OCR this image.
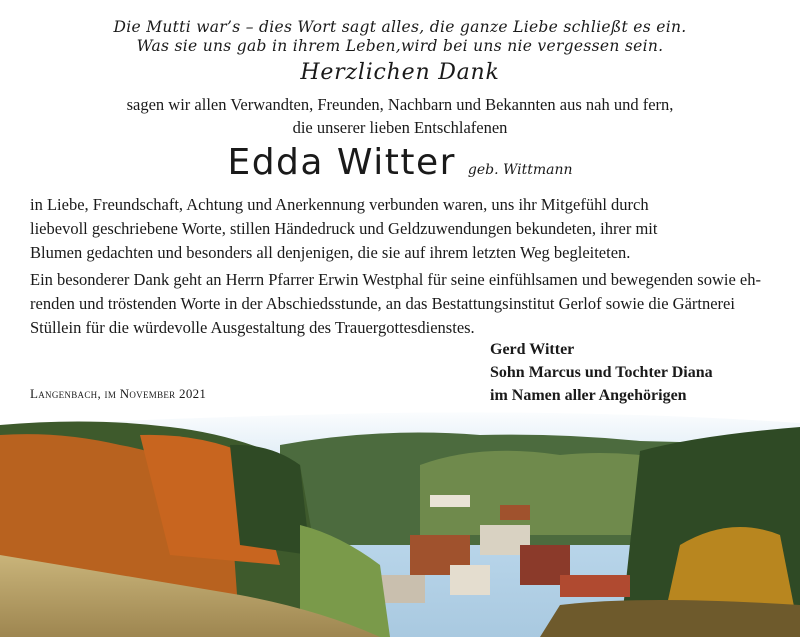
Die Mutti war’s – dies Wort sagt alles, die ganze Liebe schließt es ein.
Was sie uns gab in ihrem Leben,wird bei uns nie vergessen sein.
Herzlichen Dank
sagen wir allen Verwandten, Freunden, Nachbarn und Bekannten aus nah und fern,
die unserer lieben Entschlafenen
Edda Witter geb. Wittmann
in Liebe, Freundschaft, Achtung und Anerkennung verbunden waren, uns ihr Mitgefühl durch
liebevoll geschriebene Worte, stillen Händedruck und Geldzuwendungen bekundeten, ihrer mit
Blumen gedachten und besonders all denjenigen, die sie auf ihrem letzten Weg begleiteten.
Ein besonderer Dank geht an Herrn Pfarrer Erwin Westphal für seine einfühlsamen und bewegenden sowie eh-
renden und tröstenden Worte in der Abschiedsstunde, an das Bestattungsinstitut Gerlof sowie die Gärtnerei
Stüllein für die würdevolle Ausgestaltung des Trauergottesdienstes.
Gerd Witter
Sohn Marcus und Tochter Diana
im Namen aller Angehörigen
Langenbach, im November 2021
